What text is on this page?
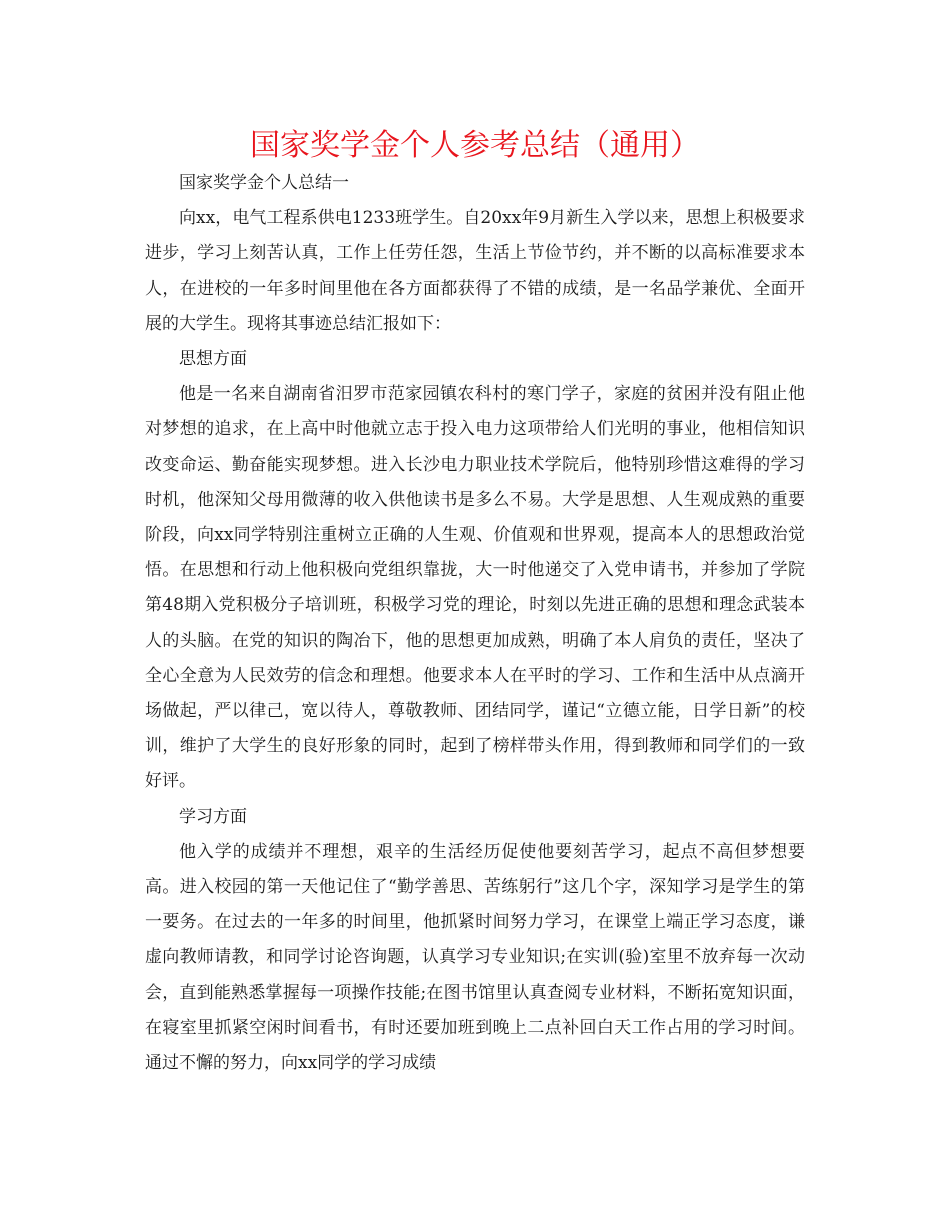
国家奖学金个人参考总结（通用）

国家奖学金个人总结一

向xx，电气工程系供电1233班学生。自20xx年9月新生入学以来，思想上积极要求进步，学习上刻苦认真，工作上任劳任怨，生活上节俭节约，并不断的以高标准要求本人，在进校的一年多时间里他在各方面都获得了不错的成绩，是一名品学兼优、全面开展的大学生。现将其事迹总结汇报如下：

思想方面

他是一名来自湖南省汨罗市范家园镇农科村的寒门学子，家庭的贫困并没有阻止他对梦想的追求，在上高中时他就立志于投入电力这项带给人们光明的事业，他相信知识改变命运、勤奋能实现梦想。进入长沙电力职业技术学院后，他特别珍惜这难得的学习时机，他深知父母用微薄的收入供他读书是多么不易。大学是思想、人生观成熟的重要阶段，向xx同学特别注重树立正确的人生观、价值观和世界观，提高本人的思想政治觉悟。在思想和行动上他积极向党组织靠拢，大一时他递交了入党申请书，并参加了学院第48期入党积极分子培训班，积极学习党的理论，时刻以先进正确的思想和理念武装本人的头脑。在党的知识的陶冶下，他的思想更加成熟，明确了本人肩负的责任，坚决了全心全意为人民效劳的信念和理想。他要求本人在平时的学习、工作和生活中从点滴开场做起，严以律己，宽以待人，尊敬教师、团结同学，谨记“立德立能，日学日新”的校训，维护了大学生的良好形象的同时，起到了榜样带头作用，得到教师和同学们的一致好评。

学习方面

他入学的成绩并不理想，艰辛的生活经历促使他要刻苦学习，起点不高但梦想要高。进入校园的第一天他记住了“勤学善思、苦练躬行”这几个字，深知学习是学生的第一要务。在过去的一年多的时间里，他抓紧时间努力学习，在课堂上端正学习态度，谦虚向教师请教，和同学讨论咨询题，认真学习专业知识;在实训(验)室里不放弃每一次动会，直到能熟悉掌握每一项操作技能;在图书馆里认真查阅专业材料，不断拓宽知识面，在寝室里抓紧空闲时间看书，有时还要加班到晚上二点补回白天工作占用的学习时间。通过不懈的努力，向xx同学的学习成绩
